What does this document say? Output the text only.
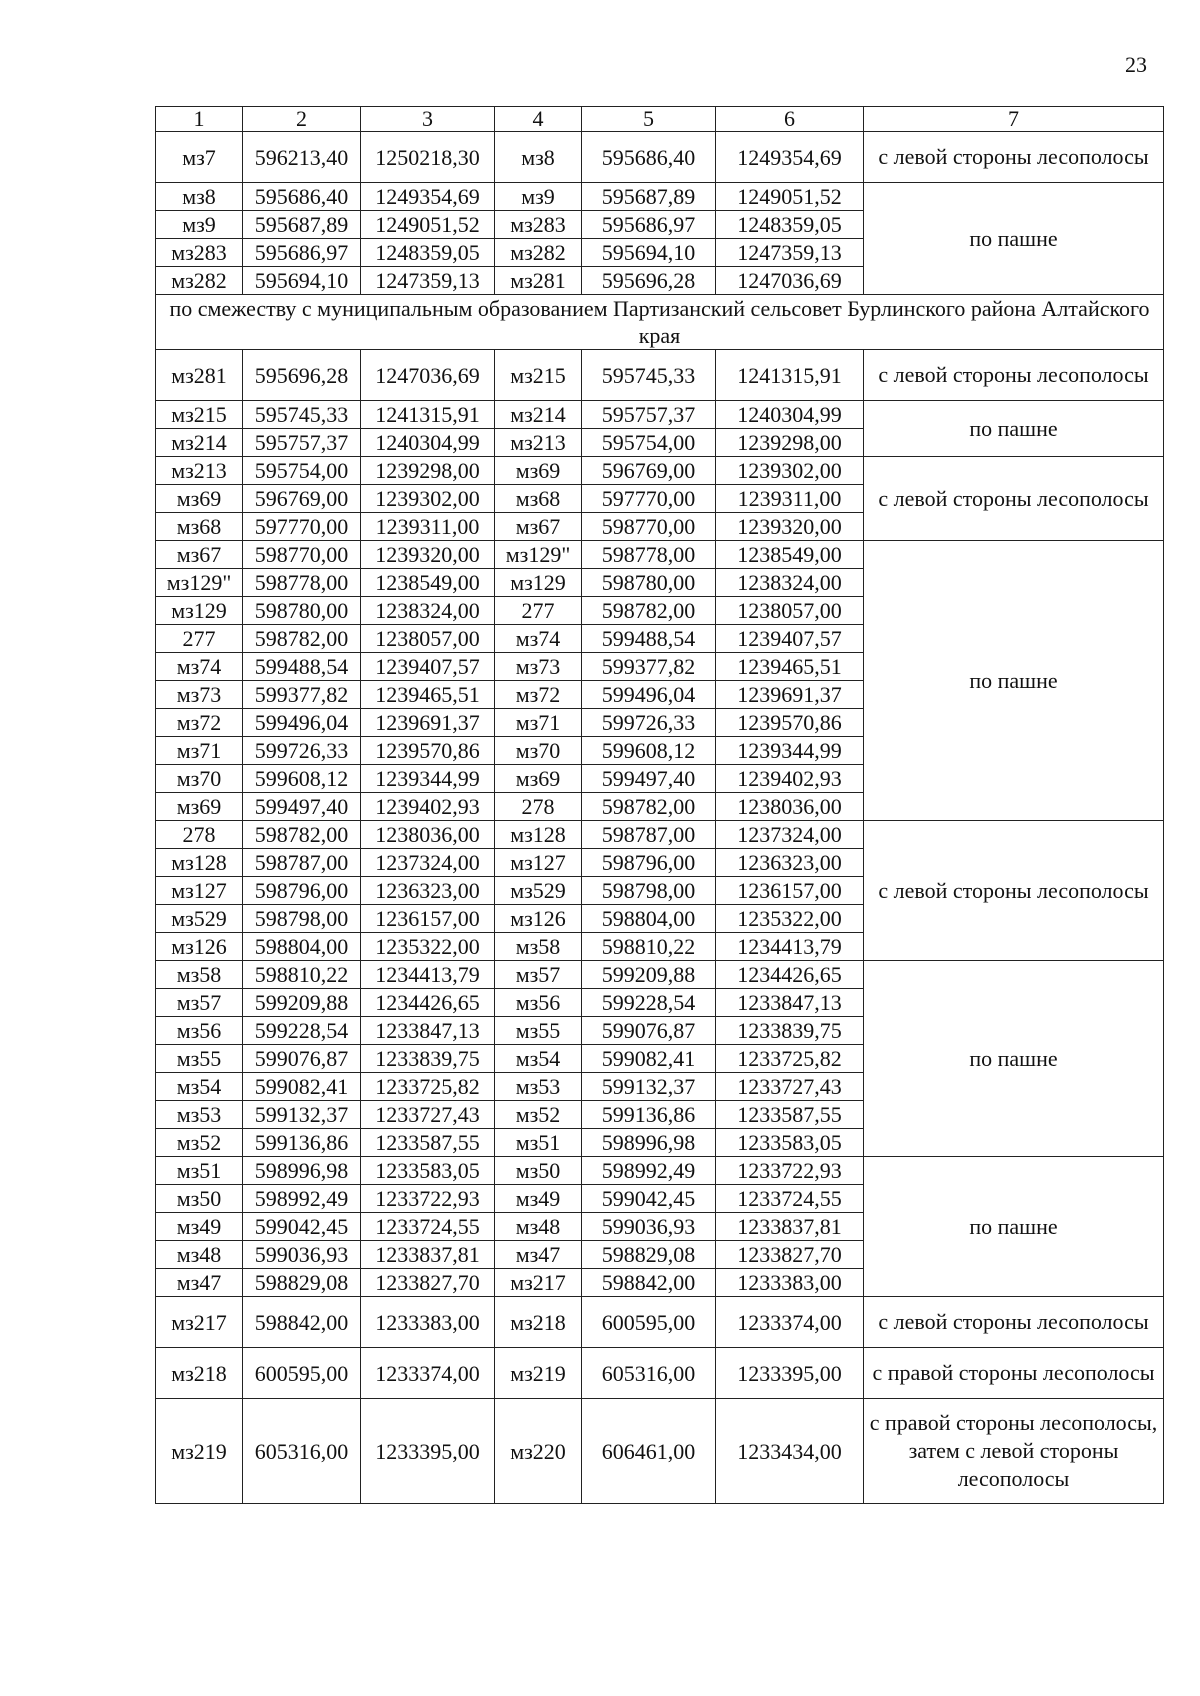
23
1	2	3	4	5	6	7
мз7	596213,40	1250218,30	мз8	595686,40	1249354,69	с левой стороны лесополосы
мз8	595686,40	1249354,69	мз9	595687,89	1249051,52	по пашне
мз9	595687,89	1249051,52	мз283	595686,97	1248359,05	
мз283	595686,97	1248359,05	мз282	595694,10	1247359,13	
мз282	595694,10	1247359,13	мз281	595696,28	1247036,69	
по смежеству с муниципальным образованием Партизанский сельсовет Бурлинского района Алтайского края						
мз281	595696,28	1247036,69	мз215	595745,33	1241315,91	с левой стороны лесополосы
мз215	595745,33	1241315,91	мз214	595757,37	1240304,99	по пашне
мз214	595757,37	1240304,99	мз213	595754,00	1239298,00	
мз213	595754,00	1239298,00	мз69	596769,00	1239302,00	с левой стороны лесополосы
мз69	596769,00	1239302,00	мз68	597770,00	1239311,00	
мз68	597770,00	1239311,00	мз67	598770,00	1239320,00	
мз67	598770,00	1239320,00	мз129"	598778,00	1238549,00	по пашне
мз129"	598778,00	1238549,00	мз129	598780,00	1238324,00	
мз129	598780,00	1238324,00	277	598782,00	1238057,00	
277	598782,00	1238057,00	мз74	599488,54	1239407,57	
мз74	599488,54	1239407,57	мз73	599377,82	1239465,51	
мз73	599377,82	1239465,51	мз72	599496,04	1239691,37	
мз72	599496,04	1239691,37	мз71	599726,33	1239570,86	
мз71	599726,33	1239570,86	мз70	599608,12	1239344,99	
мз70	599608,12	1239344,99	мз69	599497,40	1239402,93	
мз69	599497,40	1239402,93	278	598782,00	1238036,00	
278	598782,00	1238036,00	мз128	598787,00	1237324,00	с левой стороны лесополосы
мз128	598787,00	1237324,00	мз127	598796,00	1236323,00	
мз127	598796,00	1236323,00	мз529	598798,00	1236157,00	
мз529	598798,00	1236157,00	мз126	598804,00	1235322,00	
мз126	598804,00	1235322,00	мз58	598810,22	1234413,79	
мз58	598810,22	1234413,79	мз57	599209,88	1234426,65	по пашне
мз57	599209,88	1234426,65	мз56	599228,54	1233847,13	
мз56	599228,54	1233847,13	мз55	599076,87	1233839,75	
мз55	599076,87	1233839,75	мз54	599082,41	1233725,82	
мз54	599082,41	1233725,82	мз53	599132,37	1233727,43	
мз53	599132,37	1233727,43	мз52	599136,86	1233587,55	
мз52	599136,86	1233587,55	мз51	598996,98	1233583,05	
мз51	598996,98	1233583,05	мз50	598992,49	1233722,93	по пашне
мз50	598992,49	1233722,93	мз49	599042,45	1233724,55	
мз49	599042,45	1233724,55	мз48	599036,93	1233837,81	
мз48	599036,93	1233837,81	мз47	598829,08	1233827,70	
мз47	598829,08	1233827,70	мз217	598842,00	1233383,00	
мз217	598842,00	1233383,00	мз218	600595,00	1233374,00	с левой стороны лесополосы
мз218	600595,00	1233374,00	мз219	605316,00	1233395,00	с правой стороны лесополосы
мз219	605316,00	1233395,00	мз220	606461,00	1233434,00	с правой стороны лесополосы, затем с левой стороны лесополосы
